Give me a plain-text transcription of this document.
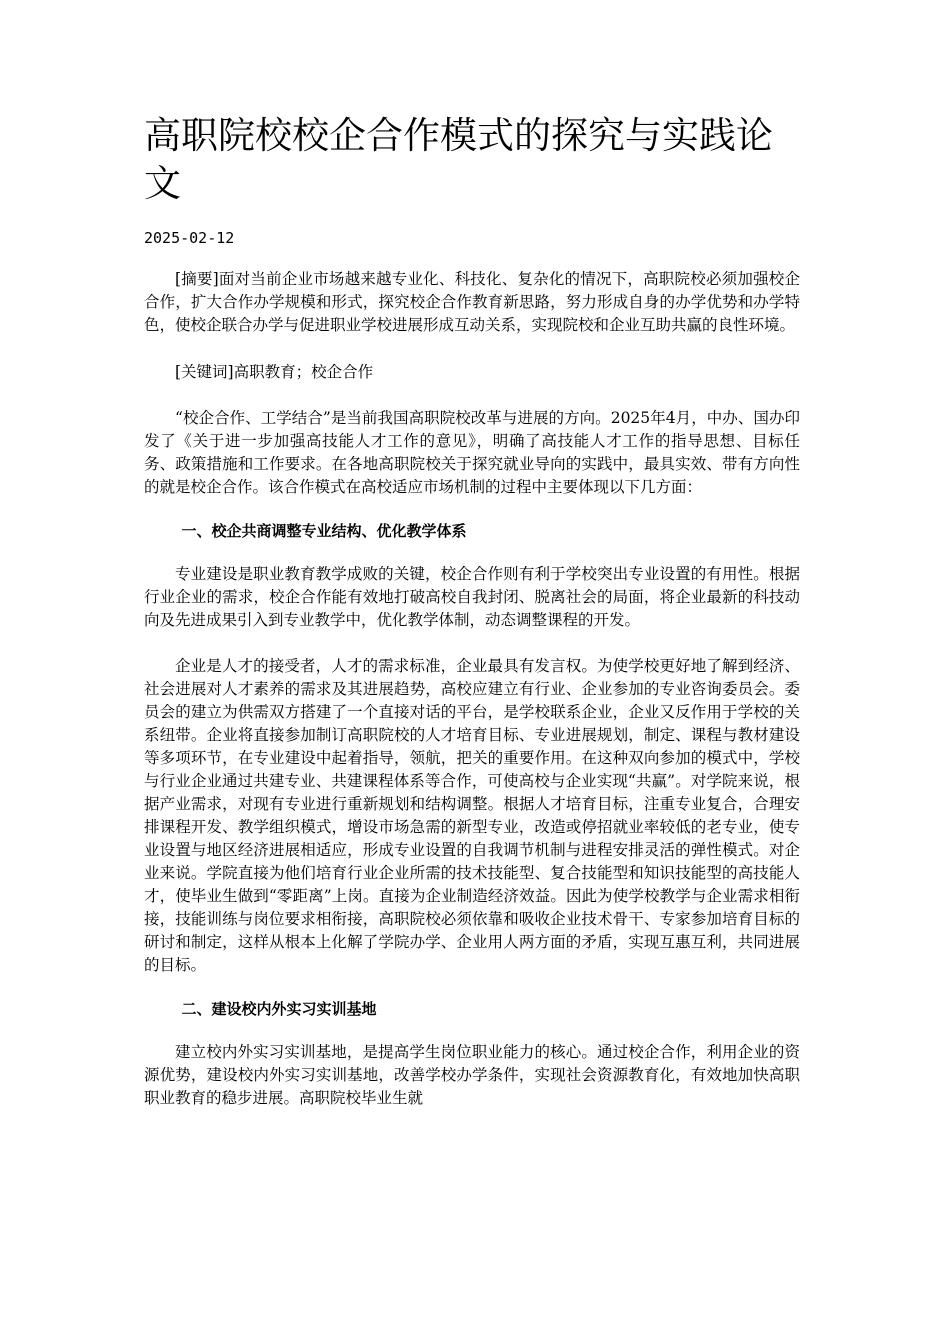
高职院校校企合作模式的探究与实践论文
2025-02-12

[摘要]面对当前企业市场越来越专业化、科技化、复杂化的情况下，高职院校必须加强校企合作，扩大合作办学规模和形式，探究校企合作教育新思路，努力形成自身的办学优势和办学特色，使校企联合办学与促进职业学校进展形成互动关系，实现院校和企业互助共赢的良性环境。

[关键词]高职教育；校企合作

“校企合作、工学结合”是当前我国高职院校改革与进展的方向。2025年4月，中办、国办印发了《关于进一步加强高技能人才工作的意见》，明确了高技能人才工作的指导思想、目标任务、政策措施和工作要求。在各地高职院校关于探究就业导向的实践中，最具实效、带有方向性的就是校企合作。该合作模式在高校适应市场机制的过程中主要体现以下几方面：

一、校企共商调整专业结构、优化教学体系

专业建设是职业教育教学成败的关键，校企合作则有利于学校突出专业设置的有用性。根据行业企业的需求，校企合作能有效地打破高校自我封闭、脱离社会的局面，将企业最新的科技动向及先进成果引入到专业教学中，优化教学体制，动态调整课程的开发。

企业是人才的接受者，人才的需求标准，企业最具有发言权。为使学校更好地了解到经济、社会进展对人才素养的需求及其进展趋势，高校应建立有行业、企业参加的专业咨询委员会。委员会的建立为供需双方搭建了一个直接对话的平台，是学校联系企业，企业又反作用于学校的关系纽带。企业将直接参加制订高职院校的人才培育目标、专业进展规划，制定、课程与教材建设等多项环节，在专业建设中起着指导，领航，把关的重要作用。在这种双向参加的模式中，学校与行业企业通过共建专业、共建课程体系等合作，可使高校与企业实现“共赢”。对学院来说，根据产业需求，对现有专业进行重新规划和结构调整。根据人才培育目标，注重专业复合，合理安排课程开发、教学组织模式，增设市场急需的新型专业，改造或停招就业率较低的老专业，使专业设置与地区经济进展相适应，形成专业设置的自我调节机制与进程安排灵活的弹性模式。对企业来说。学院直接为他们培育行业企业所需的技术技能型、复合技能型和知识技能型的高技能人才，使毕业生做到“零距离”上岗。直接为企业制造经济效益。因此为使学校教学与企业需求相衔接，技能训练与岗位要求相衔接，高职院校必须依靠和吸收企业技术骨干、专家参加培育目标的研讨和制定，这样从根本上化解了学院办学、企业用人两方面的矛盾，实现互惠互利，共同进展的目标。

二、建设校内外实习实训基地

建立校内外实习实训基地，是提高学生岗位职业能力的核心。通过校企合作，利用企业的资源优势，建设校内外实习实训基地，改善学校办学条件，实现社会资源教育化，有效地加快高职职业教育的稳步进展。高职院校毕业生就
